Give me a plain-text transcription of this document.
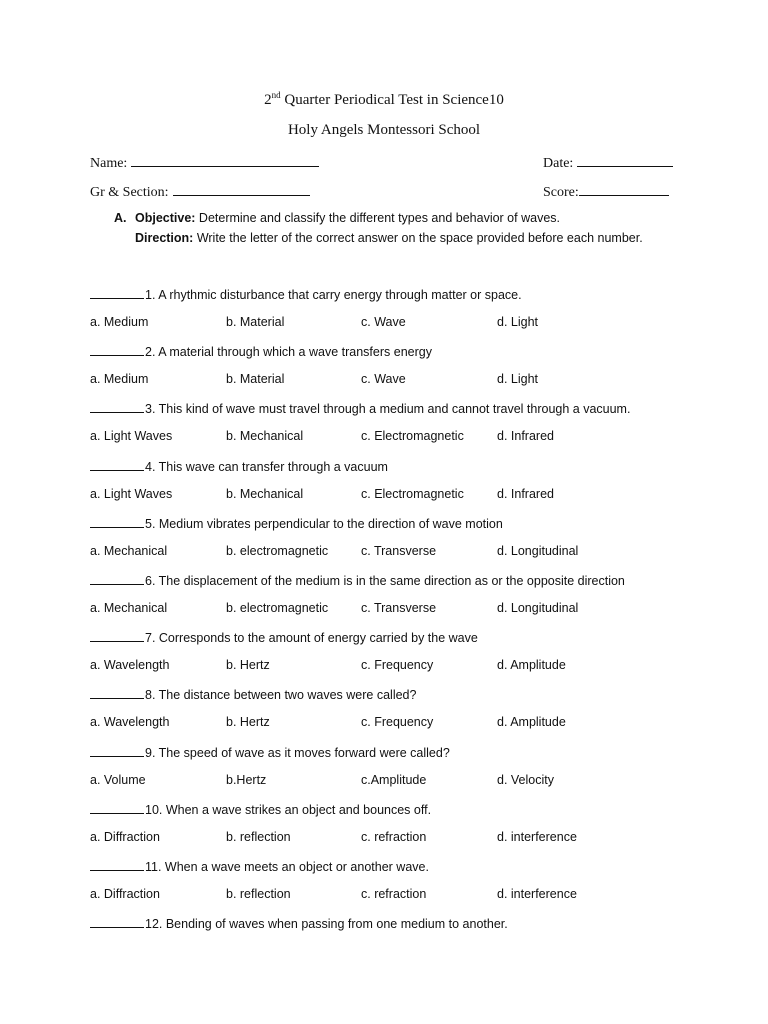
2nd Quarter Periodical Test in Science10
Holy Angels Montessori School
Name:	Date:
Gr & Section:	Score:
A. Objective: Determine and classify the different types and behavior of waves.
Direction: Write the letter of the correct answer on the space provided before each number.
1. A rhythmic disturbance that carry energy through matter or space.
a. Medium	b. Material	c. Wave	d. Light
2. A material through which a wave transfers energy
a. Medium	b. Material	c. Wave	d. Light
3. This kind of wave must travel through a medium and cannot travel through a vacuum.
a. Light Waves	b. Mechanical	c. Electromagnetic	d. Infrared
4. This wave can transfer through a vacuum
a. Light Waves	b. Mechanical	c. Electromagnetic	d. Infrared
5. Medium vibrates perpendicular to the direction of wave motion
a. Mechanical	b. electromagnetic	c. Transverse	d. Longitudinal
6. The displacement of the medium is in the same direction as or the opposite direction
a. Mechanical	b. electromagnetic	c. Transverse	d. Longitudinal
7. Corresponds to the amount of energy carried by the wave
a. Wavelength	b. Hertz	c. Frequency	d. Amplitude
8. The distance between two waves were called?
a. Wavelength	b. Hertz	c. Frequency	d. Amplitude
9. The speed of wave as it moves forward were called?
a. Volume	b.Hertz	c.Amplitude	d. Velocity
10. When a wave strikes an object and bounces off.
a. Diffraction	b. reflection	c. refraction	d. interference
11. When a wave meets an object or another wave.
a. Diffraction	b. reflection	c. refraction	d. interference
12. Bending of waves when passing from one medium to another.
